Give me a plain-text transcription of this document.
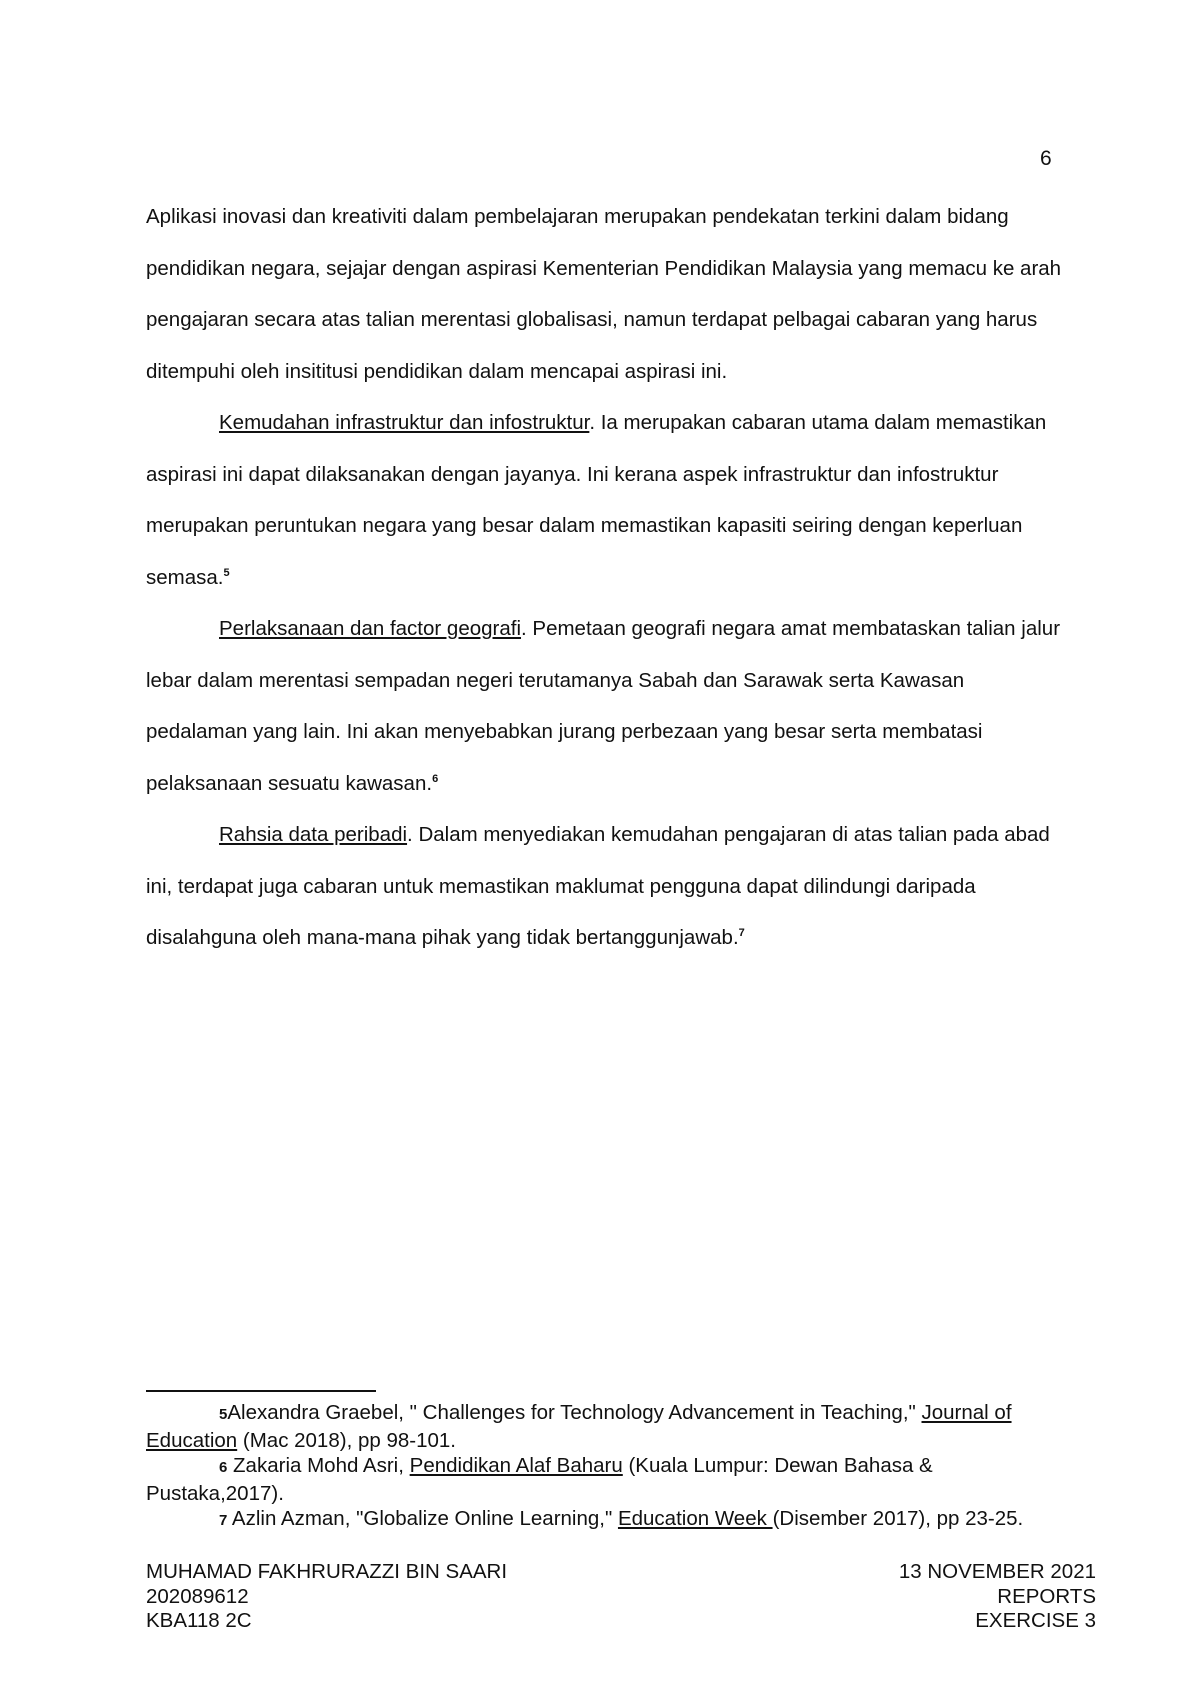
6

Aplikasi inovasi dan kreativiti dalam pembelajaran merupakan pendekatan terkini dalam bidang pendidikan negara, sejajar dengan aspirasi Kementerian Pendidikan Malaysia yang memacu ke arah pengajaran secara atas talian merentasi globalisasi, namun terdapat pelbagai cabaran yang harus ditempuhi oleh insititusi pendidikan dalam mencapai aspirasi ini.

Kemudahan infrastruktur dan infostruktur. Ia merupakan cabaran utama dalam memastikan aspirasi ini dapat dilaksanakan dengan jayanya. Ini kerana aspek infrastruktur dan infostruktur merupakan peruntukan negara yang besar dalam memastikan kapasiti seiring dengan keperluan semasa.$^5$

Perlaksanaan dan factor geografi. Pemetaan geografi negara amat membataskan talian jalur lebar dalam merentasi sempadan negeri terutamanya Sabah dan Sarawak serta Kawasan pedalaman yang lain. Ini akan menyebabkan jurang perbezaan yang besar serta membatasi pelaksanaan sesuatu kawasan.$^6$

Rahsia data peribadi. Dalam menyediakan kemudahan pengajaran di atas talian pada abad ini, terdapat juga cabaran untuk memastikan maklumat pengguna dapat dilindungi daripada disalahguna oleh mana-mana pihak yang tidak bertanggunjawab.$^7$

5Alexandra Graebel, " Challenges for Technology Advancement in Teaching," Journal of Education (Mac 2018), pp 98-101.

6 Zakaria Mohd Asri, Pendidikan Alaf Baharu (Kuala Lumpur: Dewan Bahasa & Pustaka,2017).

7 Azlin Azman, "Globalize Online Learning," Education Week (Disember 2017), pp 23-25.

MUHAMAD FAKHRURAZZI BIN SAARI
202089612
KBA118 2C
13 NOVEMBER 2021
REPORTS
EXERCISE 3
